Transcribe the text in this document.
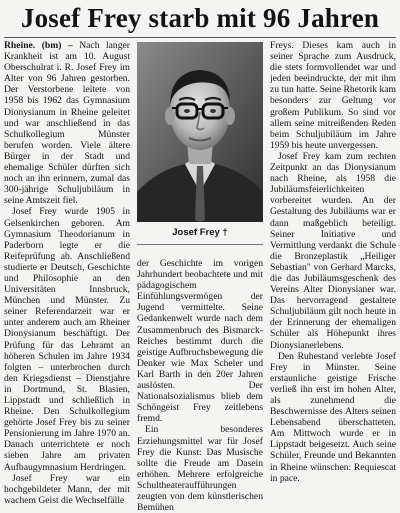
Josef Frey starb mit 96 Jahren

Rheine. (bm) – Nach langer Krankheit ist am 10. August Oberschulrat i. R. Josef Frey im Alter von 96 Jahren gestorben. Der Verstorbene leitete von 1958 bis 1962 das Gymnasium Dionysianum in Rheine geleitet und war anschließend in das Schulkollegium Münster berufen worden. Viele ältere Bürger in der Stadt und ehemalige Schüler dürften sich noch an ihn erinnern, zumal das 300-jährige Schuljubiläum in seine Amtszeit fiel.

Josef Frey wurde 1905 in Gelsenkirchen geboren. Am Gymnasium Theodorianum in Paderborn legte er die Reifeprüfung ab. Anschließend studierte er Deutsch, Geschichte und Philosophie an den Universitäten Innsbruck, München und Münster. Zu seiner Referendarzeit war er unter anderem auch am Rheiner Dionysianum beschäftigt. Der Prüfung für das Lehramt an höheren Schulen im Jahre 1934 folgten – unterbrochen durch den Kriegsdienst – Dienstjahre in Dortmund, St. Blasien, Lippstadt und schließlich in Rheine. Den Schulkollegium gehörte Josef Frey bis zu seiner Pensionierung im Jahre 1970 an. Danach unterrichtete er noch sieben Jahre am privaten Aufbaugymnasium Herdringen.

Josef Frey war ein hochgebildeter Mann, der mit wachem Geist die Wechselfälle

Josef Frey †

der Geschichte im vorigen Jahrhundert beobachtete und mit pädagogischem Einfühlungsvermögen der Jugend vermittelte. Seine Gedankenwelt wurde nach dem Zusammenbruch des Bismarck-Reiches bestimmt durch die geistige Aufbruchsbewegung die Denker wie Max Scheler und Karl Barth in den 20er Jahren auslösten. Der Nationalsozialismus blieb dem Schöngeist Frey zeitlebens fremd.

Ein besonderes Erziehungsmittel war für Josef Frey die Kunst: Das Musische sollte die Freude am Dasein erhöhen. Mehrere erfolgreiche Schultheateraufführungen zeugten von dem künstlerischen Bemühen

Freys. Dieses kam auch in seiner Sprache zum Ausdruck, die stets formvollendet war und jeden beeindruckte, der mit ihm zu tun hatte. Seine Rhetorik kam besonders zur Geltung vor großem Publikum. So sind vor allem seine mitreißenden Reden beim Schuljubiläum im Jahre 1959 bis heute unvergessen.

Josef Frey kam zum rechten Zeitpunkt an das Dionysianum nach Rheine, als 1958 die Jubiläumsfeierlichkeiten vorbereitet wurden. An der Gestaltung des Jubiläums war er dann maßgeblich beteiligt. Seiner Initiative und Vermittlung verdankt die Schule die Bronzeplastik „Heiliger Sebastian" von Gerhard Marcks, die das Jubiläumsgeschenk des Vereins Alter Dionysianer war. Das hervorragend gestaltete Schuljubiläum gilt noch heute in der Erinnerung der ehemaligen Schüler als Höhepunkt ihres Dionysianerlebens.

Den Ruhestand verlebte Josef Frey in Münster. Seine erstaunliche geistige Frische verließ ihn erst im hohen Alter, als zunehmend die Beschwernisse des Alters seinen Lebensabend überschatteten. Am Mittwoch wurde er in Lippstadt beigesetzt. Auch seine Schüler, Freunde und Bekannten in Rheine wünschen: Requiescat in pace.
